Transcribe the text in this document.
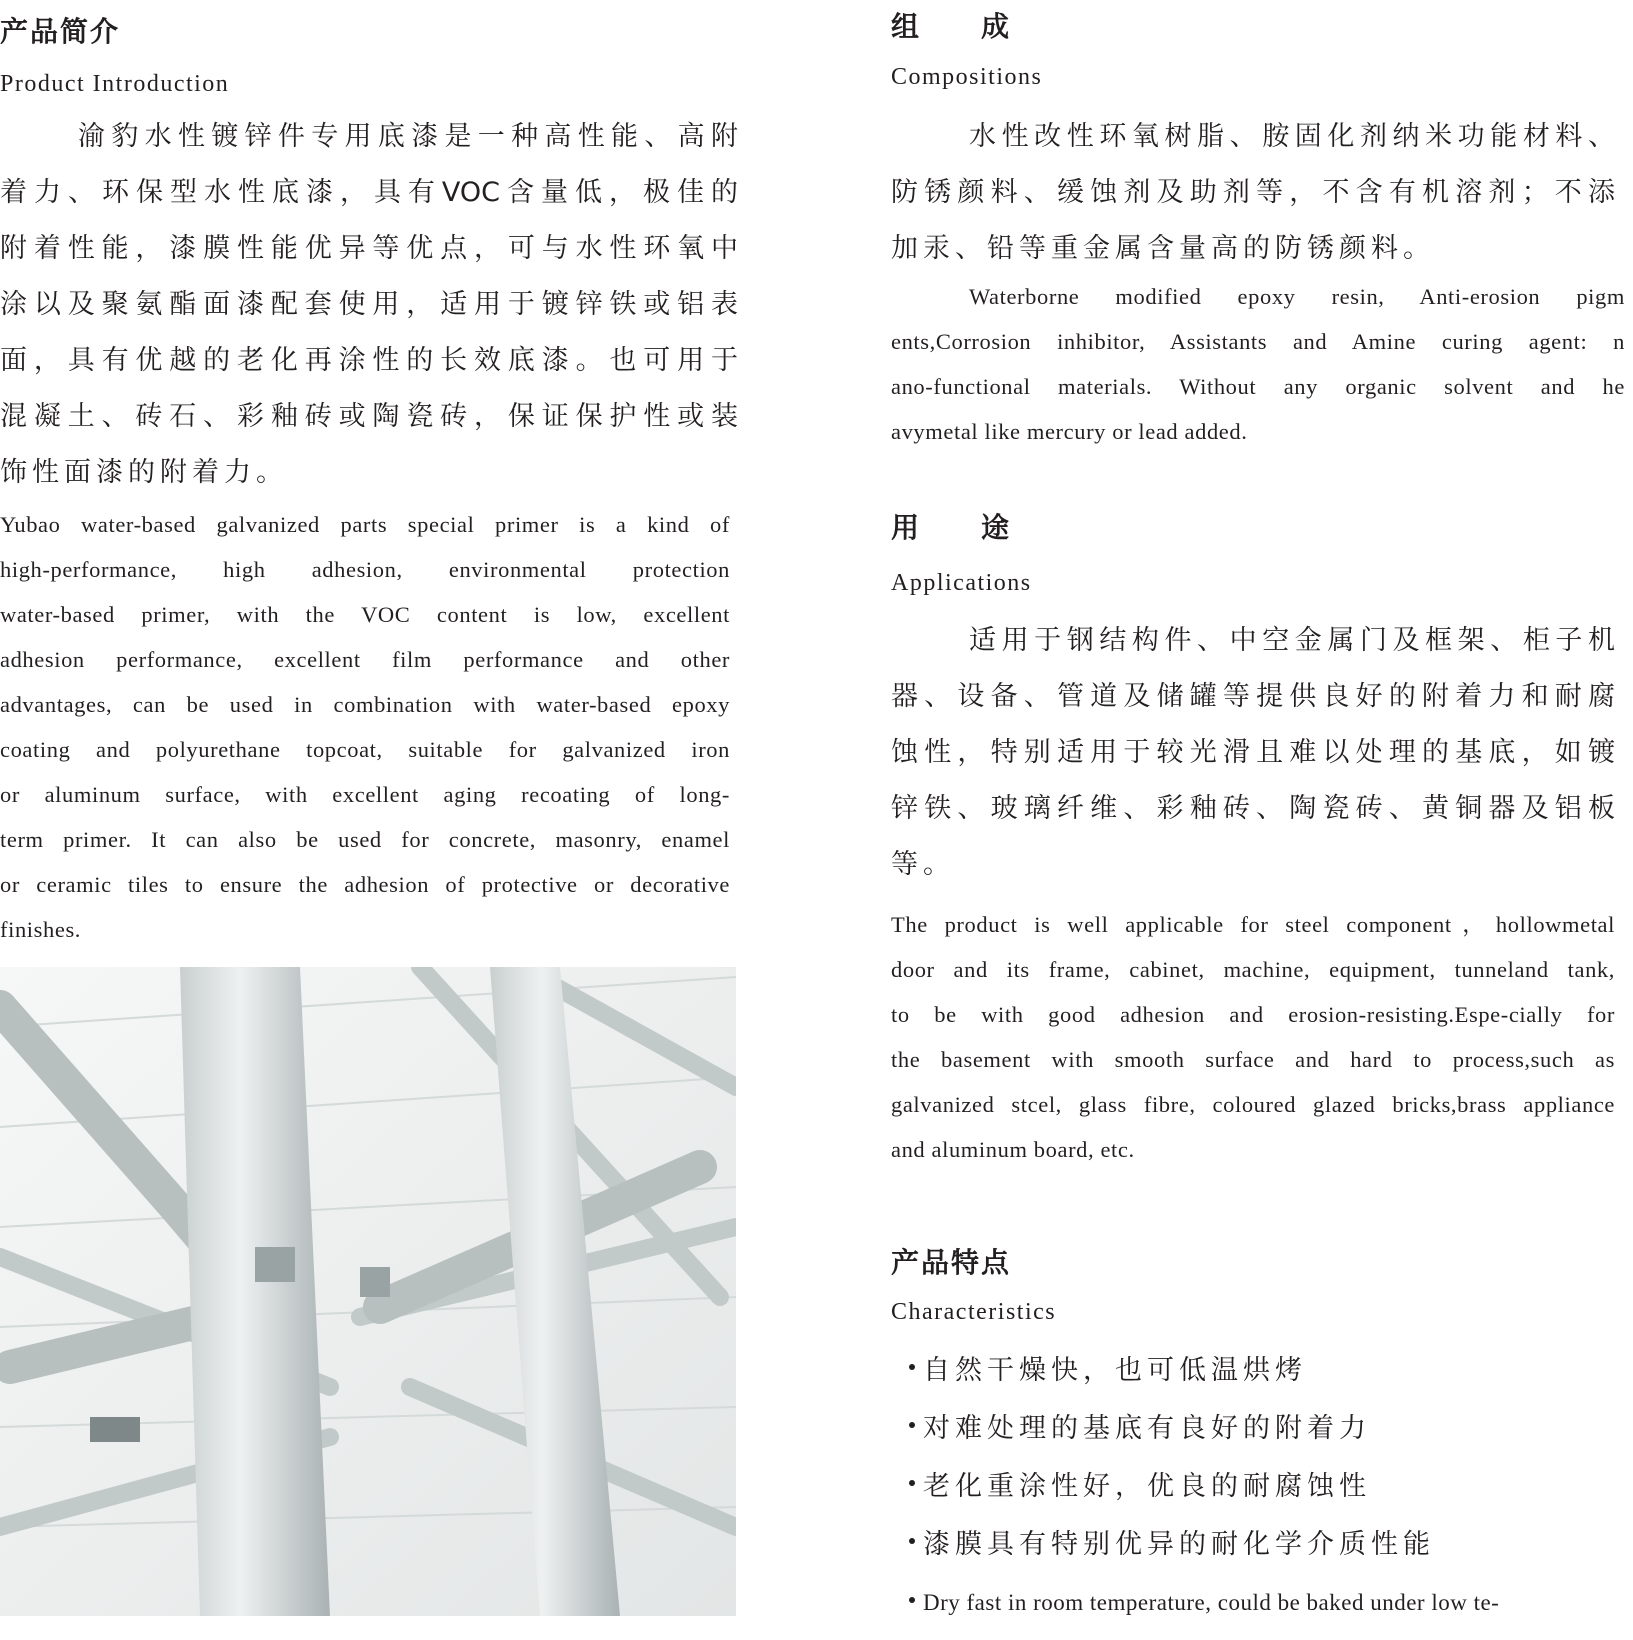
产品简介
Product Introduction
渝豹水性镀锌件专用底漆是一种高性能、高附
着力、环保型水性底漆，具有VOC含量低，极佳的
附着性能，漆膜性能优异等优点，可与水性环氧中
涂以及聚氨酯面漆配套使用，适用于镀锌铁或铝表
面，具有优越的老化再涂性的长效底漆。也可用于
混凝土、砖石、彩釉砖或陶瓷砖，保证保护性或装
饰性面漆的附着力。
Yubao water-based galvanized parts special primer is a kind of
high-performance, high adhesion, environmental protection
water-based primer, with the VOC content is low, excellent
adhesion performance, excellent film performance and other
advantages, can be used in combination with water-based epoxy
coating and polyurethane topcoat, suitable for galvanized iron
or aluminum surface, with excellent aging recoating of long-
term primer. It can also be used for concrete, masonry, enamel
or ceramic tiles to ensure the adhesion of protective or decorative
finishes.
组　　成
Compositions
水性改性环氧树脂、胺固化剂纳米功能材料、
防锈颜料、缓蚀剂及助剂等，不含有机溶剂；不添
加汞、铅等重金属含量高的防锈颜料。
Waterborne modified epoxy resin, Anti-erosion pigm
ents,Corrosion inhibitor, Assistants and Amine curing agent: n
ano-functional materials. Without any organic solvent and he
avymetal like mercury or lead added.
用　　途
Applications
适用于钢结构件、中空金属门及框架、柜子机
器、设备、管道及储罐等提供良好的附着力和耐腐
蚀性，特别适用于较光滑且难以处理的基底，如镀
锌铁、玻璃纤维、彩釉砖、陶瓷砖、黄铜器及铝板
等。
The product is well applicable for steel component，hollowmetal
door and its frame, cabinet, machine, equipment, tunneland tank,
to be with good adhesion and erosion-resisting.Espe-cially for
the basement with smooth surface and hard to process,such as
galvanized stcel, glass fibre, coloured glazed bricks,brass appliance
and aluminum board, etc.
产品特点
Characteristics
自然干燥快，也可低温烘烤
对难处理的基底有良好的附着力
老化重涂性好，优良的耐腐蚀性
漆膜具有特别优异的耐化学介质性能
Dry fast in room temperature, could be baked under low te-
